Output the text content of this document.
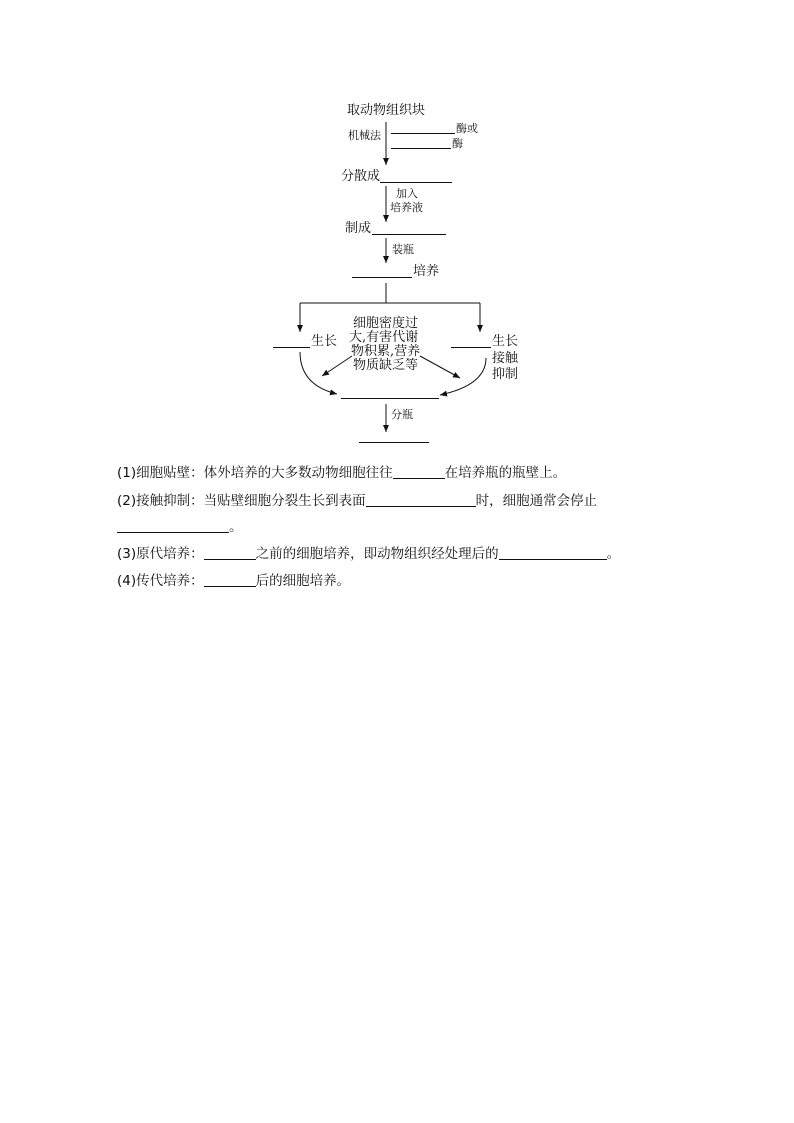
取动物组织块
机械法
酶或
酶
分散成
加入
培养液
制成
装瓶
培养
细胞密度过
大,有害代谢
物积累,营养
物质缺乏等
生长	生长
接触
抑制
分瓶
(1)细胞贴壁：体外培养的大多数动物细胞往往	在培养瓶的瓶壁上。
(2)接触抑制：当贴壁细胞分裂生长到表面	时，细胞通常会停止
。
(3)原代培养：	之前的细胞培养，即动物组织经处理后的	。
(4)传代培养：	后的细胞培养。
